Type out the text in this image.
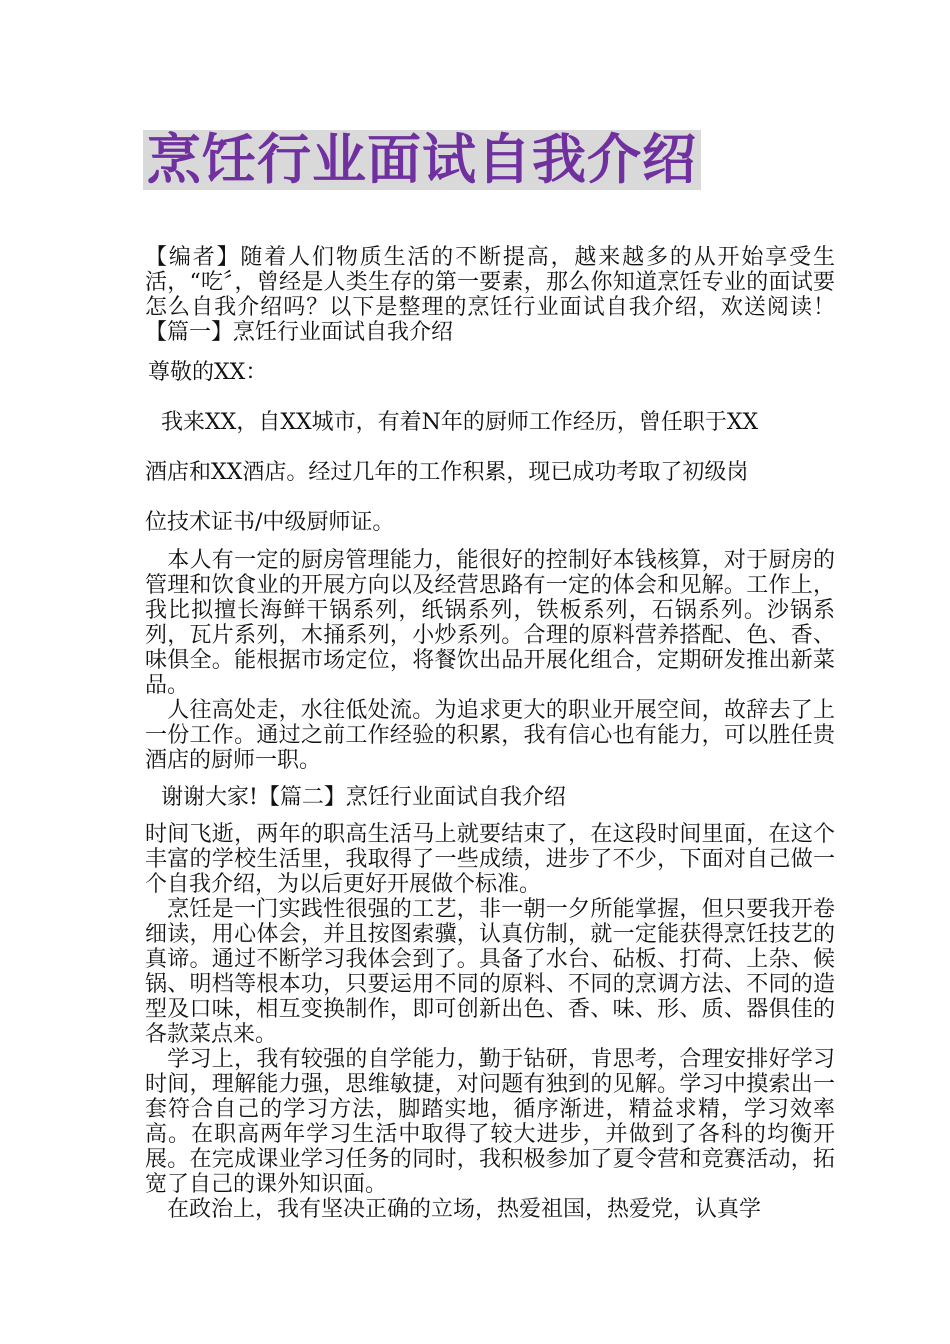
烹饪行业面试自我介绍

【编者】随着人们物质生活的不断提高，越来越多的从开始享受生活，“吃〞，曾经是人类生存的第一要素，那么你知道烹饪专业的面试要怎么自我介绍吗？以下是整理的烹饪行业面试自我介绍，欢送阅读！【篇一】烹饪行业面试自我介绍

尊敬的XX：

我来XX，自XX城市，有着N年的厨师工作经历，曾任职于XX

酒店和XX酒店。经过几年的工作积累，现已成功考取了初级岗

位技术证书/中级厨师证。

　本人有一定的厨房管理能力，能很好的控制好本钱核算，对于厨房的管理和饮食业的开展方向以及经营思路有一定的体会和见解。工作上，我比拟擅长海鲜干锅系列，纸锅系列，铁板系列，石锅系列。沙锅系列，瓦片系列，木捅系列，小炒系列。合理的原料营养搭配、色、香、味俱全。能根据市场定位，将餐饮出品开展化组合，定期研发推出新菜品。

　人往高处走，水往低处流。为追求更大的职业开展空间，故辞去了上一份工作。通过之前工作经验的积累，我有信心也有能力，可以胜任贵酒店的厨师一职。

谢谢大家!【篇二】烹饪行业面试自我介绍

时间飞逝，两年的职高生活马上就要结束了，在这段时间里面，在这个丰富的学校生活里，我取得了一些成绩，进步了不少，下面对自己做一个自我介绍，为以后更好开展做个标准。

　烹饪是一门实践性很强的工艺，非一朝一夕所能掌握，但只要我开卷细读，用心体会，并且按图索骥，认真仿制，就一定能获得烹饪技艺的真谛。通过不断学习我体会到了。具备了水台、砧板、打荷、上杂、候锅、明档等根本功，只要运用不同的原料、不同的烹调方法、不同的造型及口味，相互变换制作，即可创新出色、香、味、形、质、器俱佳的各款菜点来。

　学习上，我有较强的自学能力，勤于钻研，肯思考，合理安排好学习时间，理解能力强，思维敏捷，对问题有独到的见解。学习中摸索出一套符合自己的学习方法，脚踏实地，循序渐进，精益求精，学习效率高。在职高两年学习生活中取得了较大进步，并做到了各科的均衡开展。在完成课业学习任务的同时，我积极参加了夏令营和竞赛活动，拓宽了自己的课外知识面。

　在政治上，我有坚决正确的立场，热爱祖国，热爱党，认真学
